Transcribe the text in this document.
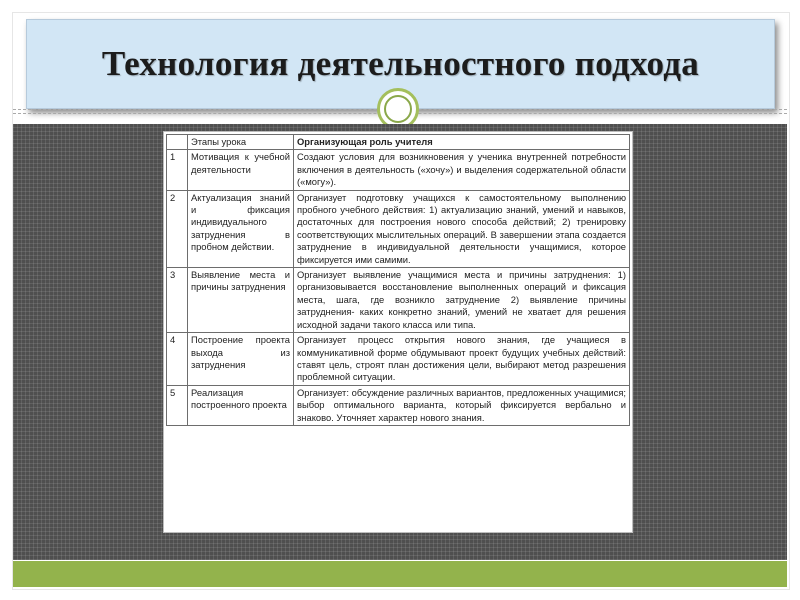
Технология деятельностного подхода
	Этапы урока	Организующая роль учителя
1	Мотивация к учебной деятельности	Создают условия для возникновения у ученика внутренней потребности включения в деятельность («хочу») и выделения содержательной области («могу»).
2	Актуализация знаний и фиксация индивидуального затруднения в пробном действии.	Организует подготовку учащихся к самостоятельному выполнению пробного учебного действия: 1) актуализацию знаний, умений и навыков, достаточных для построения нового способа действий; 2) тренировку соответствующих мыслительных операций. В завершении этапа создается затруднение в индивидуальной деятельности учащимися, которое фиксируется ими самими.
3	Выявление места и причины затруднения	Организует выявление учащимися места и причины затруднения: 1) организовывается восстановление выполненных операций и фиксация места, шага, где возникло затруднение 2) выявление причины затруднения- каких конкретно знаний, умений не хватает для решения исходной задачи такого класса или типа.
4	Построение проекта выхода из затруднения	Организует процесс открытия нового знания, где учащиеся в коммуникативной форме обдумывают проект будущих учебных действий: ставят цель, строят план достижения цели, выбирают метод разрешения проблемной ситуации.
5	Реализация построенного проекта	Организует: обсуждение различных вариантов, предложенных учащимися; выбор оптимального варианта, который фиксируется вербально и знаково. Уточняет характер нового знания.
